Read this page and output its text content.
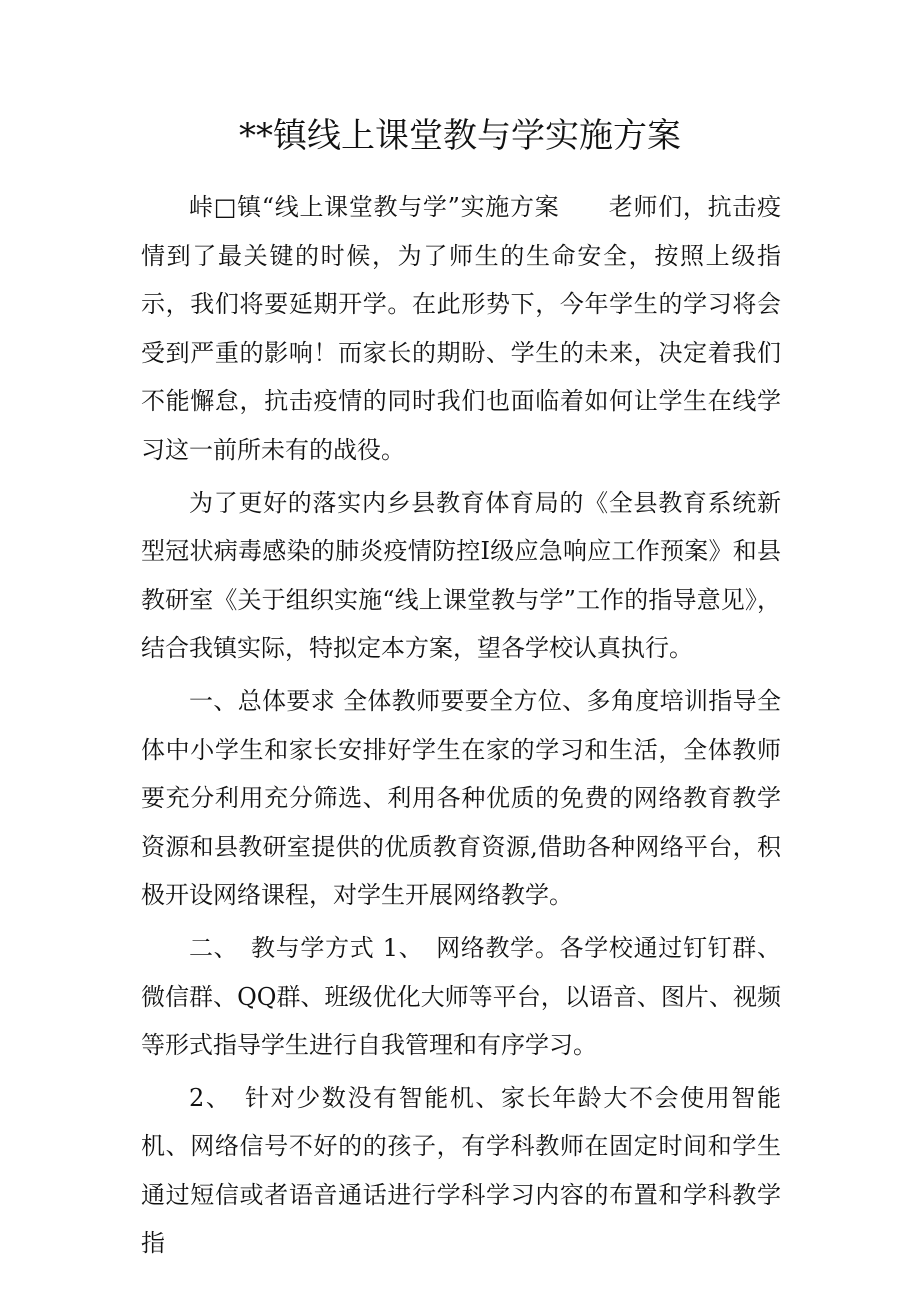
**镇线上课堂教与学实施方案

峠□镇“线上课堂教与学”实施方案　　老师们，抗击疫情到了最关键的时候，为了师生的生命安全，按照上级指示，我们将要延期开学。在此形势下，今年学生的学习将会受到严重的影响！而家长的期盼、学生的未来，决定着我们不能懈怠，抗击疫情的同时我们也面临着如何让学生在线学习这一前所未有的战役。

为了更好的落实内乡县教育体育局的《全县教育系统新型冠状病毒感染的肺炎疫情防控Ⅰ级应急响应工作预案》和县教研室《关于组织实施“线上课堂教与学”工作的指导意见》，结合我镇实际，特拟定本方案，望各学校认真执行。

一、总体要求 全体教师要要全方位、多角度培训指导全体中小学生和家长安排好学生在家的学习和生活，全体教师要充分利用充分筛选、利用各种优质的免费的网络教育教学资源和县教研室提供的优质教育资源,借助各种网络平台，积极开设网络课程，对学生开展网络教学。

二、　教与学方式 1、　网络教学。各学校通过钉钉群、微信群、QQ群、班级优化大师等平台，以语音、图片、视频等形式指导学生进行自我管理和有序学习。

2、　针对少数没有智能机、家长年龄大不会使用智能机、网络信号不好的的孩子，有学科教师在固定时间和学生通过短信或者语音通话进行学科学习内容的布置和学科教学指
